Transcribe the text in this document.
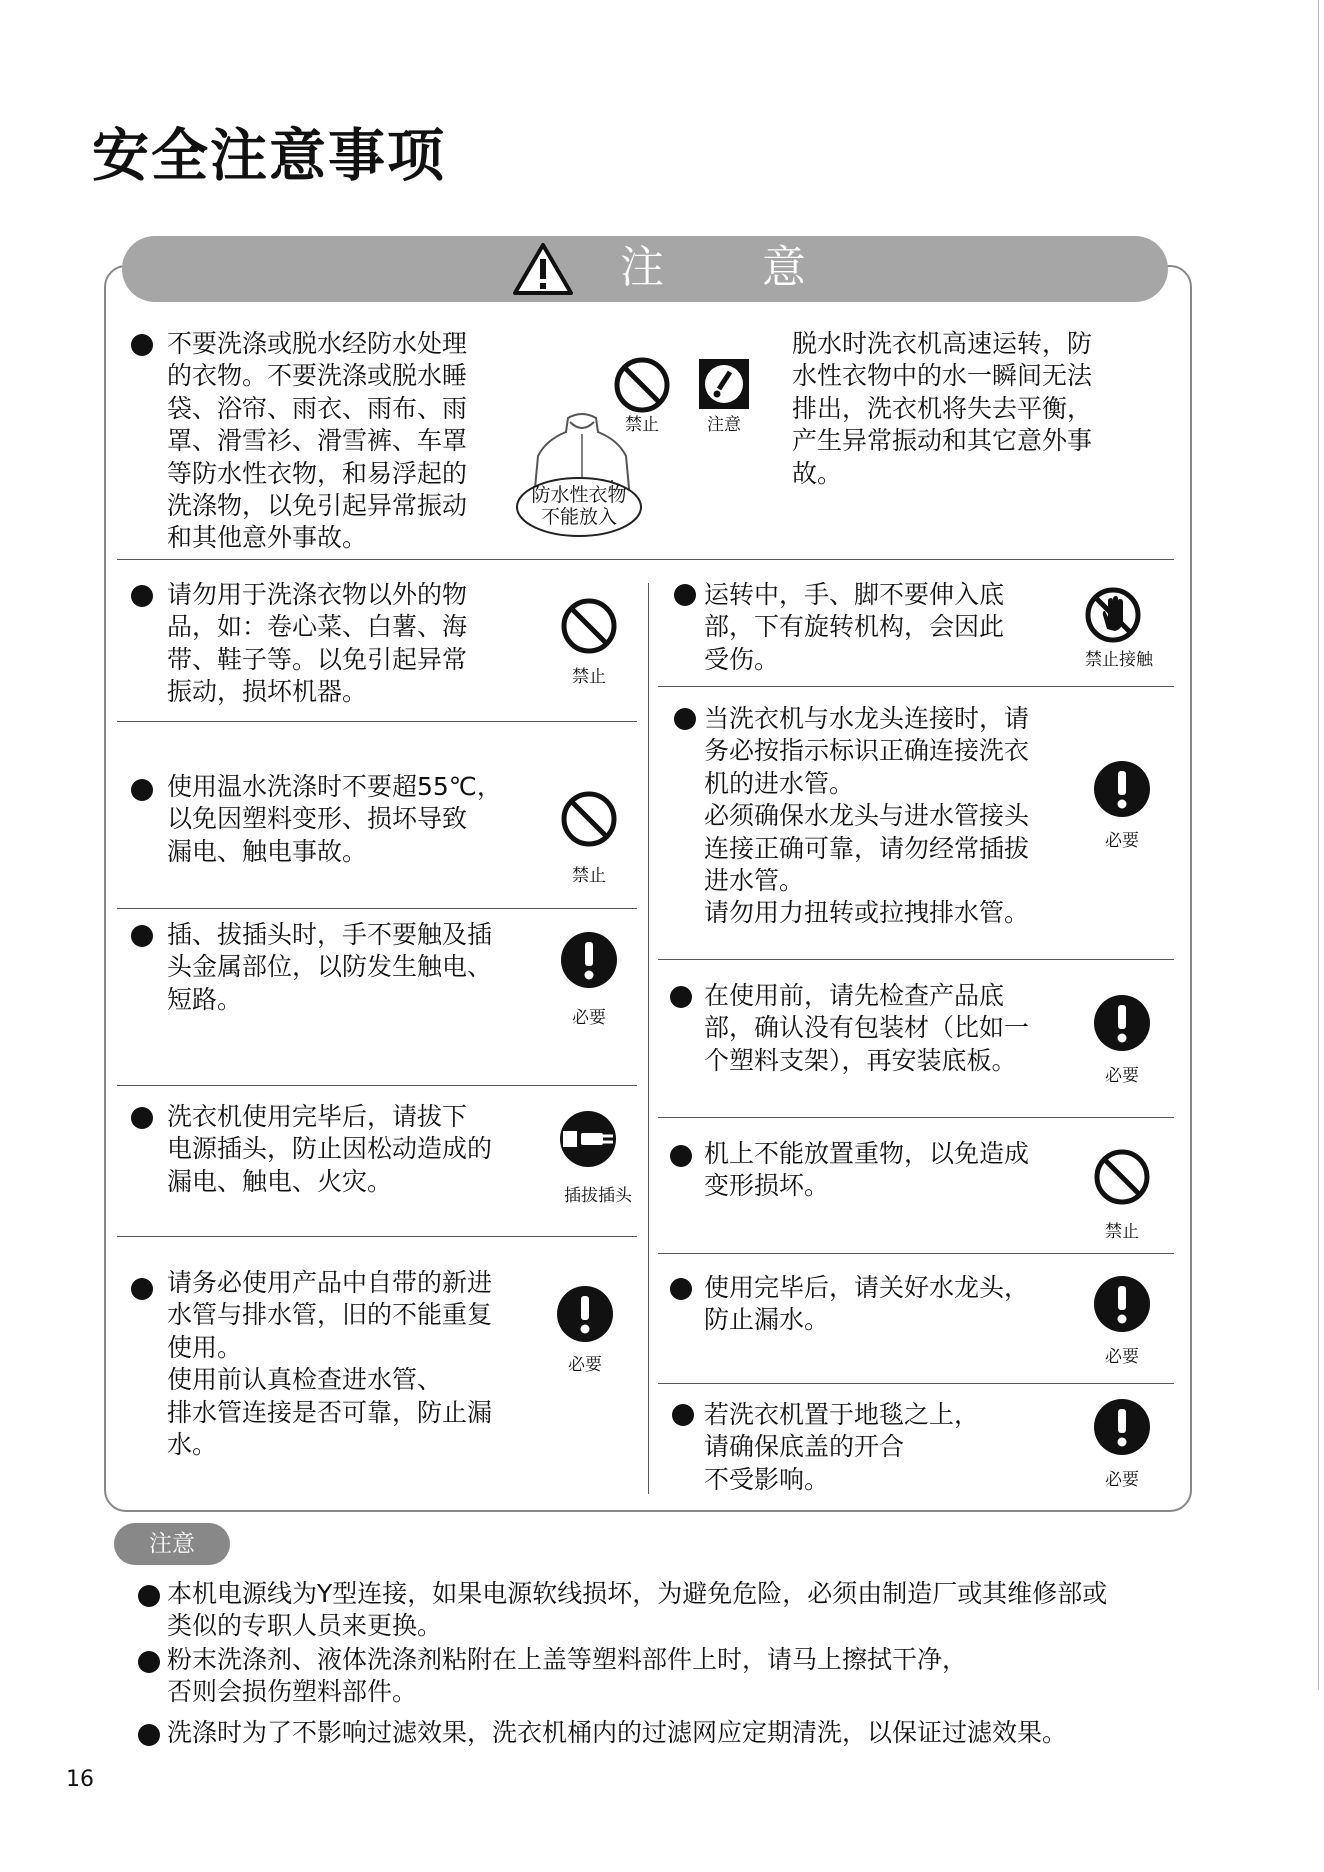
安全注意事项
注 意
不要洗涤或脱水经防水处理
的衣物。不要洗涤或脱水睡
袋、浴帘、雨衣、雨布、雨
罩、滑雪衫、滑雪裤、车罩
等防水性衣物，和易浮起的
洗涤物，以免引起异常振动
和其他意外事故。
防水性衣物
不能放入
禁止	注意
脱水时洗衣机高速运转，防
水性衣物中的水一瞬间无法
排出，洗衣机将失去平衡，
产生异常振动和其它意外事
故。
请勿用于洗涤衣物以外的物
品，如：卷心菜、白薯、海
带、鞋子等。以免引起异常
振动，损坏机器。
禁止
使用温水洗涤时不要超55℃，
以免因塑料变形、损坏导致
漏电、触电事故。
禁止
插、拔插头时，手不要触及插
头金属部位，以防发生触电、
短路。
必要
洗衣机使用完毕后，请拔下
电源插头，防止因松动造成的
漏电、触电、火灾。
插拔插头
请务必使用产品中自带的新进
水管与排水管，旧的不能重复
使用。
使用前认真检查进水管、
排水管连接是否可靠，防止漏
水。
必要
运转中，手、脚不要伸入底
部，下有旋转机构，会因此
受伤。	禁止接触
当洗衣机与水龙头连接时，请
务必按指示标识正确连接洗衣
机的进水管。
必须确保水龙头与进水管接头
连接正确可靠，请勿经常插拔
进水管。
请勿用力扭转或拉拽排水管。
必要
在使用前，请先检查产品底
部，确认没有包装材（比如一
个塑料支架），再安装底板。
必要
机上不能放置重物，以免造成
变形损坏。
禁止
使用完毕后，请关好水龙头，
防止漏水。
必要
若洗衣机置于地毯之上，
请确保底盖的开合
不受影响。	必要
注意
本机电源线为Y型连接，如果电源软线损坏，为避免危险，必须由制造厂或其维修部或
类似的专职人员来更换。
粉末洗涤剂、液体洗涤剂粘附在上盖等塑料部件上时，请马上擦拭干净，
否则会损伤塑料部件。
洗涤时为了不影响过滤效果，洗衣机桶内的过滤网应定期清洗，以保证过滤效果。
16
